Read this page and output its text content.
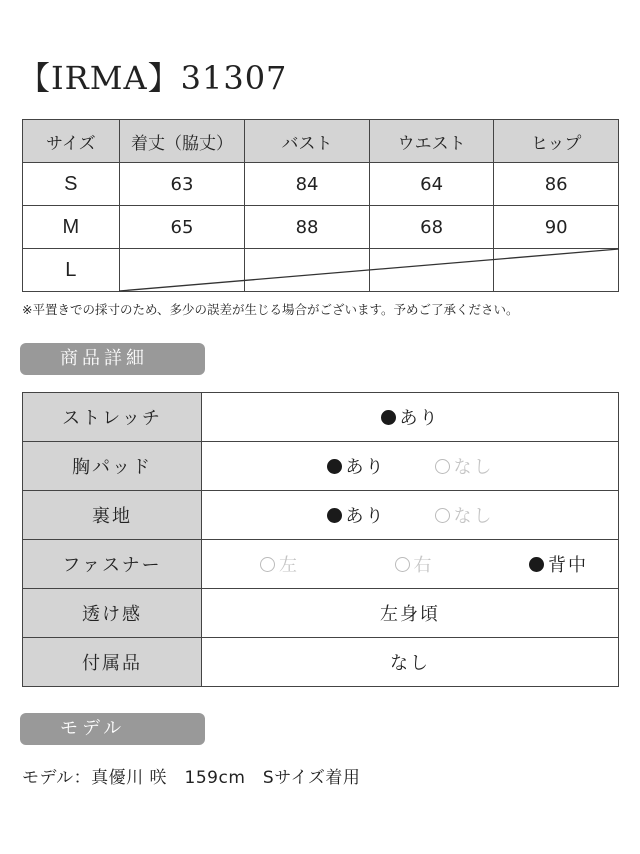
【IRMA】31307
サイズ	着丈（脇丈）	バスト	ウエスト	ヒップ
S	63	84	64	86
M	65	88	68	90
L				
※平置きでの採寸のため、多少の誤差が生じる場合がございます。予めご了承ください。
商品詳細
ストレッチ	あり

胸パッド	あり なし

裏地	あり なし

ファスナー	左 右 背中

透け感	左身頃
付属品	なし
モデル
モデル：真優川 咲　159cm　Sサイズ着用
